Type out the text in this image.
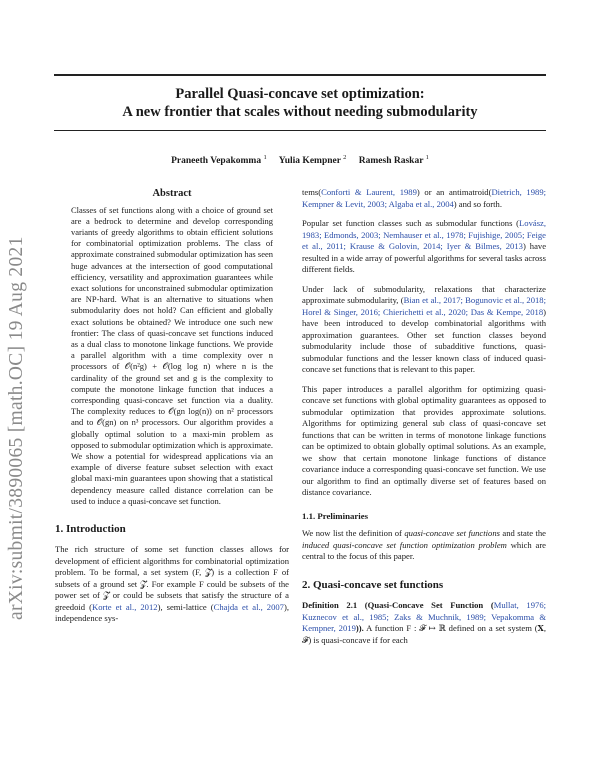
Parallel Quasi-concave set optimization:
A new frontier that scales without needing submodularity
Praneeth Vepakomma $^1$ Yulia Kempner $^2$ Ramesh Raskar $^1$
arXiv:submit/3890065 [math.OC] 19 Aug 2021
Abstract
Classes of set functions along with a choice of ground set are a bedrock to determine and develop corresponding variants of greedy algorithms to obtain efficient solutions for combinatorial optimization problems. The class of approximate constrained submodular optimization has seen huge advances at the intersection of good computational efficiency, versatility and approximation guarantees while exact solutions for unconstrained submodular optimization are NP-hard. What is an alternative to situations when submodularity does not hold? Can efficient and globally exact solutions be obtained? We introduce one such new frontier: The class of quasi-concave set functions induced as a dual class to monotone linkage functions. We provide a parallel algorithm with a time complexity over n processors of 𝒪(n²g) + 𝒪(log log n) where n is the cardinality of the ground set and g is the complexity to compute the monotone linkage function that induces a corresponding quasi-concave set function via a duality. The complexity reduces to 𝒪(gn log(n)) on n² processors and to 𝒪(gn) on n³ processors. Our algorithm provides a globally optimal solution to a maxi-min problem as opposed to submodular optimization which is approximate. We show a potential for widespread applications via an example of diverse feature subset selection with exact global maxi-min guarantees upon showing that a statistical dependency measure called distance correlation can be used to induce a quasi-concave set function.
1. Introduction

The rich structure of some set function classes allows for development of efficient algorithms for combinatorial optimization problem. To be formal, a set system (F, 𝓩) is a collection F of subsets of a ground set 𝓩. For example F could be subsets of the power set of 𝓩 or could be subsets that satisfy the structure of a greedoid (Korte et al., 2012), semi-lattice (Chajda et al., 2007), independence sys-

tems(Conforti & Laurent, 1989) or an antimatroid(Dietrich, 1989; Kempner & Levit, 2003; Algaba et al., 2004) and so forth.

Popular set function classes such as submodular functions (Lovász, 1983; Edmonds, 2003; Nemhauser et al., 1978; Fujishige, 2005; Feige et al., 2011; Krause & Golovin, 2014; Iyer & Bilmes, 2013) have resulted in a wide array of powerful algorithms for several tasks across different fields.

Under lack of submodularity, relaxations that characterize approximate submodularity, (Bian et al., 2017; Bogunovic et al., 2018; Horel & Singer, 2016; Chierichetti et al., 2020; Das & Kempe, 2018) have been introduced to develop combinatorial algorithms with approximation guarantees. Other set function classes beyond submodularity include those of subadditive functions, quasi-submodular functions and the lesser known class of induced quasi-concave set functions that is relevant to this paper.

This paper introduces a parallel algorithm for optimizing quasi-concave set functions with global optimality guarantees as opposed to submodular optimization that provides approximate solutions. Algorithms for optimizing general sub class of quasi-concave set functions that can be written in terms of monotone linkage functions can be optimized to obtain globally optimal solutions. As an example, we show that certain monotone linkage functions of distance covariance induce a corresponding quasi-concave set function. We use our algorithm to find an optimally diverse set of features based on distance covariance.

1.1. Preliminaries

We now list the definition of quasi-concave set functions and state the induced quasi-concave set function optimization problem which are central to the focus of this paper.

2. Quasi-concave set functions

Definition 2.1 (Quasi-Concave Set Function (Mullat, 1976; Kuznecov et al., 1985; Zaks & Muchnik, 1989; Vepakomma & Kempner, 2019)). A function F : 𝓕 ↦ ℝ defined on a set system (𝐗, 𝓕) is quasi-concave if for each
